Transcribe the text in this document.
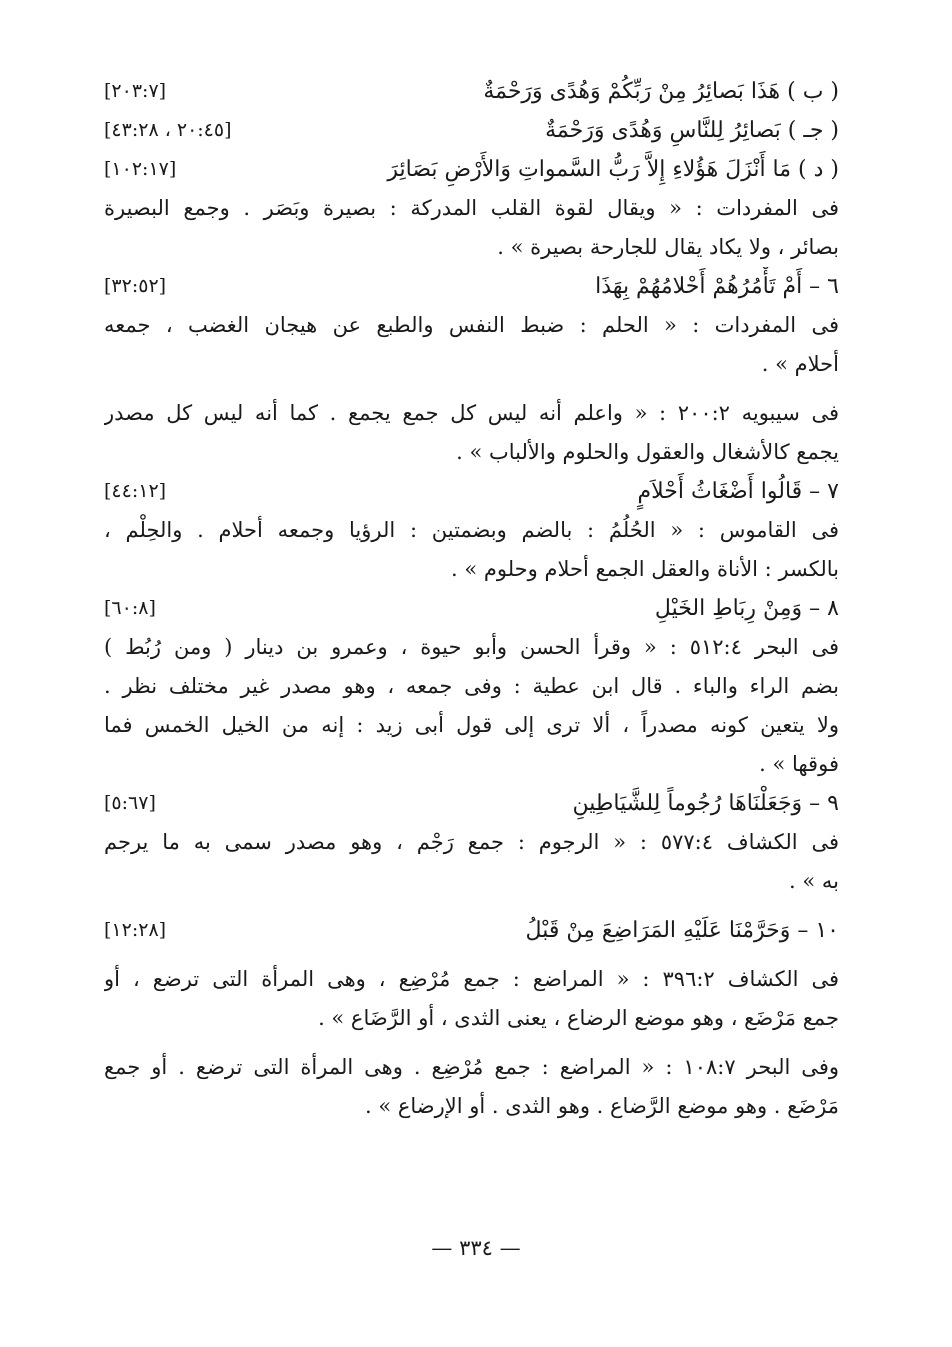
( ب ) هَذَا بَصائِرُ مِنْ رَبِّكُمْ وَهُدًى وَرَحْمَةٌ
[٢٠٣:٧]
( جـ ) بَصائِرُ لِلنَّاسِ وَهُدًى وَرَحْمَةٌ
[٢٠:٤٥ ، ٤٣:٢٨]
( د ) مَا أَنْزَلَ هَؤُلاءِ إِلاَّ رَبُّ السَّمواتِ وَالأَرْضِ بَصَائِرَ
[١٠٢:١٧]
فى المفردات : « ويقال لقوة القلب المدركة : بصيرة وبَصَر . وجمع البصيرة
بصائر ، ولا يكاد يقال للجارحة بصيرة » .
٦ – أَمْ تَأْمُرُهُمْ أَحْلامُهُمْ بِهَذَا
[٣٢:٥٢]
فى المفردات : « الحلم : ضبط النفس والطبع عن هيجان الغضب ، جمعه
أحلام » .
فى سيبويه ٢٠٠:٢ : « واعلم أنه ليس كل جمع يجمع . كما أنه ليس كل مصدر
يجمع كالأشغال والعقول والحلوم والألباب » .
٧ – قَالُوا أَضْغَاثُ أَحْلاَمٍ
[٤٤:١٢]
فى القاموس : « الحُلُمُ : بالضم وبضمتين : الرؤيا وجمعه أحلام . والحِلْم ،
بالكسر : الأناة والعقل الجمع أحلام وحلوم » .
٨ – وَمِنْ رِبَاطِ الخَيْلِ
[٦٠:٨]
فى البحر ٥١٢:٤ : « وقرأ الحسن وأبو حيوة ، وعمرو بن دينار ( ومن رُبُط )
بضم الراء والباء . قال ابن عطية : وفى جمعه ، وهو مصدر غير مختلف نظر .
ولا يتعين كونه مصدراً ، ألا ترى إلى قول أبى زيد : إنه من الخيل الخمس فما
فوقها » .
٩ – وَجَعَلْنَاهَا رُجُوماً لِلشَّيَاطِينِ
[٥:٦٧]
فى الكشاف ٥٧٧:٤ : « الرجوم : جمع رَجْم ، وهو مصدر سمى به ما يرجم
به » .
١٠ – وَحَرَّمْنَا عَلَيْهِ المَرَاضِعَ مِنْ قَبْلُ
[١٢:٢٨]
فى الكشاف ٣٩٦:٢ : « المراضع : جمع مُرْضِع ، وهى المرأة التى ترضع ، أو
جمع مَرْضَع ، وهو موضع الرضاع ، يعنى الثدى ، أو الرَّضَاع » .
وفى البحر ١٠٨:٧ : « المراضع : جمع مُرْضِع . وهى المرأة التى ترضع . أو جمع
مَرْضَع . وهو موضع الرَّضاع . وهو الثدى . أو الإرضاع » .
— ٣٣٤ —
